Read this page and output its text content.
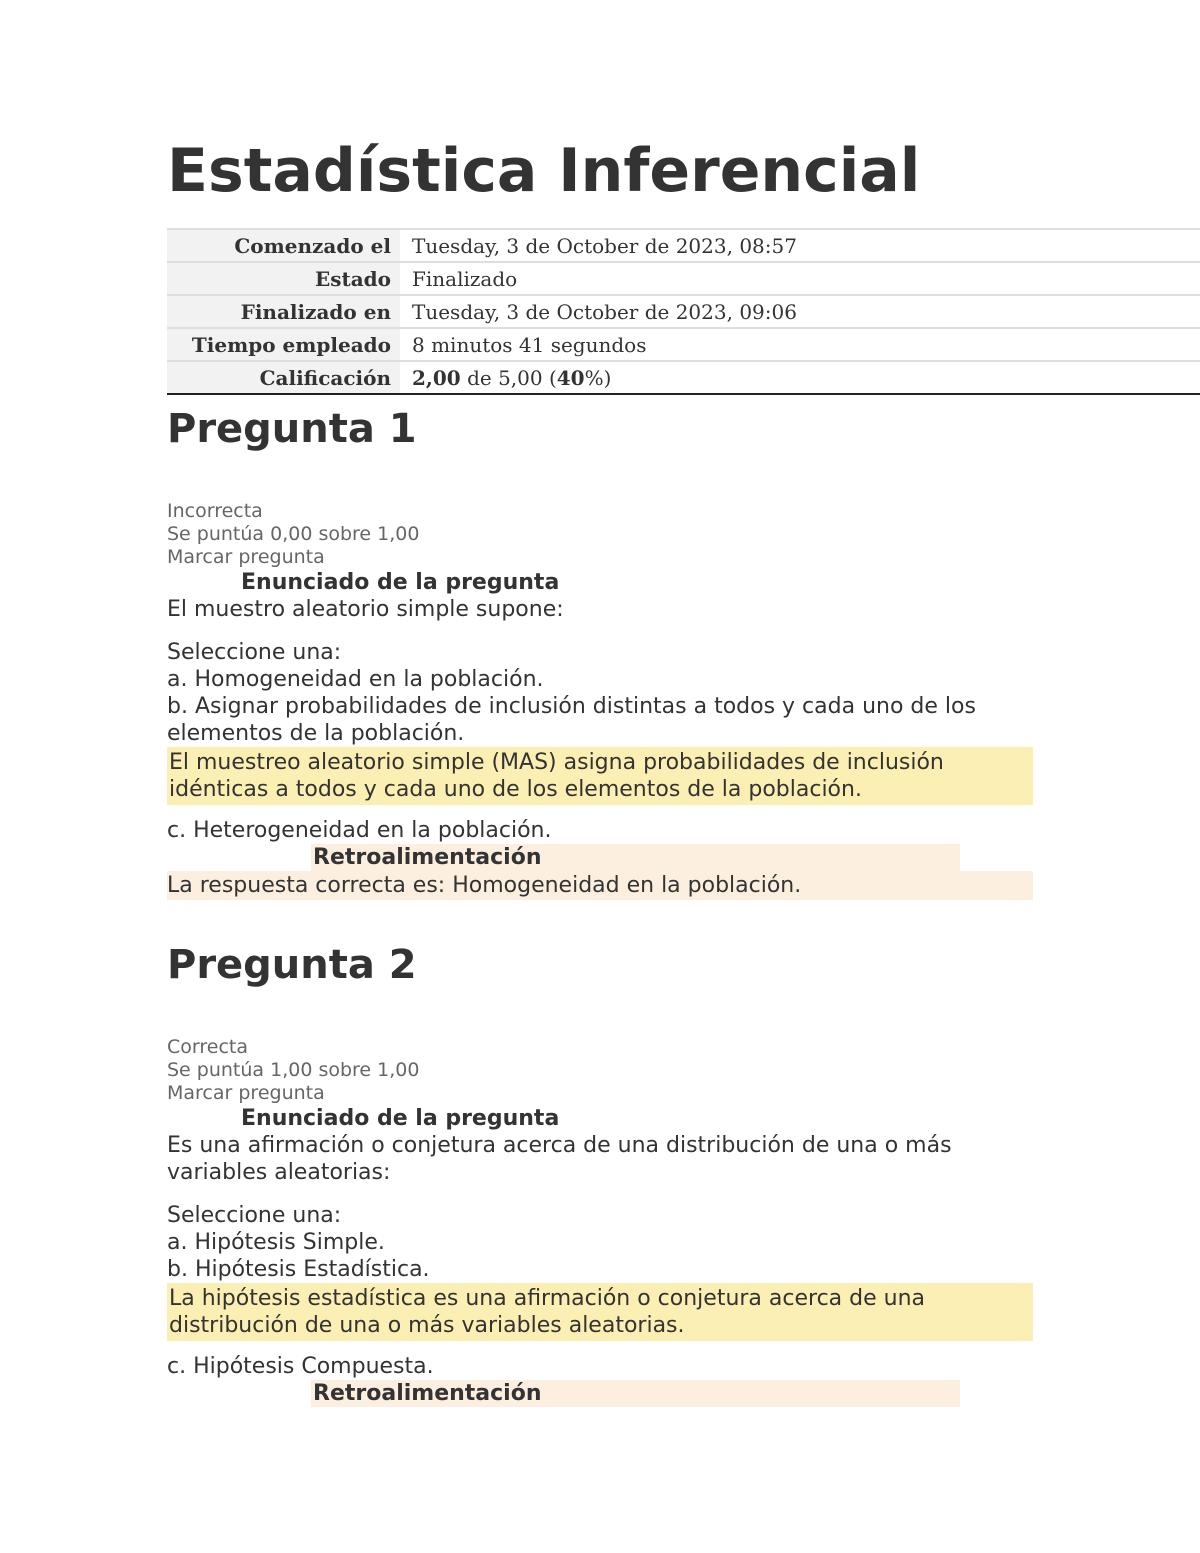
Estadística Inferencial
Comenzado el	Tuesday, 3 de October de 2023, 08:57
Estado	Finalizado
Finalizado en	Tuesday, 3 de October de 2023, 09:06
Tiempo empleado	8 minutos 41 segundos
Calificación	2,00 de 5,00 (40%)
Pregunta 1
Incorrecta
Se puntúa 0,00 sobre 1,00
Marcar pregunta
Enunciado de la pregunta
El muestro aleatorio simple supone:
Seleccione una:
a. Homogeneidad en la población.
b. Asignar probabilidades de inclusión distintas a todos y cada uno de los elementos de la población.
El muestreo aleatorio simple (MAS) asigna probabilidades de inclusión idénticas a todos y cada uno de los elementos de la población.
c. Heterogeneidad en la población.
Retroalimentación
La respuesta correcta es: Homogeneidad en la población.
Pregunta 2
Correcta
Se puntúa 1,00 sobre 1,00
Marcar pregunta
Enunciado de la pregunta
Es una afirmación o conjetura acerca de una distribución de una o más variables aleatorias:
Seleccione una:
a. Hipótesis Simple.
b. Hipótesis Estadística.
La hipótesis estadística es una afirmación o conjetura acerca de una distribución de una o más variables aleatorias.
c. Hipótesis Compuesta.
Retroalimentación
